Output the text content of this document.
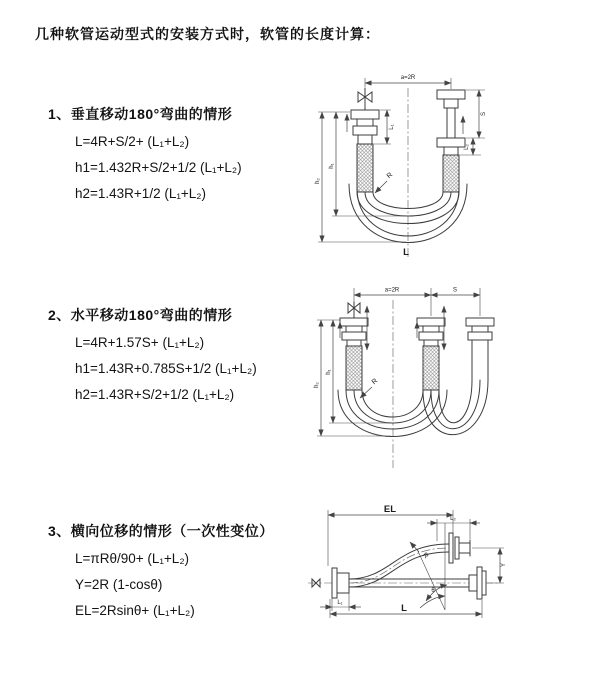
几种软管运动型式的安装方式时，软管的长度计算：
1、垂直移动180°弯曲的情形
L=4R+S/2+ (L₁+L₂)
h1=1.432R+S/2+1/2 (L₁+L₂)
h2=1.43R+1/2 (L₁+L₂)
2、水平移动180°弯曲的情形
L=4R+1.57S+ (L₁+L₂)
h1=1.43R+0.785S+1/2 (L₁+L₂)
h2=1.43R+S/2+1/2 (L₁+L₂)
3、横向位移的情形（一次性变位）
L=πRθ/90+ (L₁+L₂)
Y=2R (1-cosθ)
EL=2Rsinθ+ (L₁+L₂)
a=2R
h₁
h₂
L₁
S
L₂
R
L
a=2R	S
h₁
h₂	R
EL
L₂
θ
R
Y
L₁	L
